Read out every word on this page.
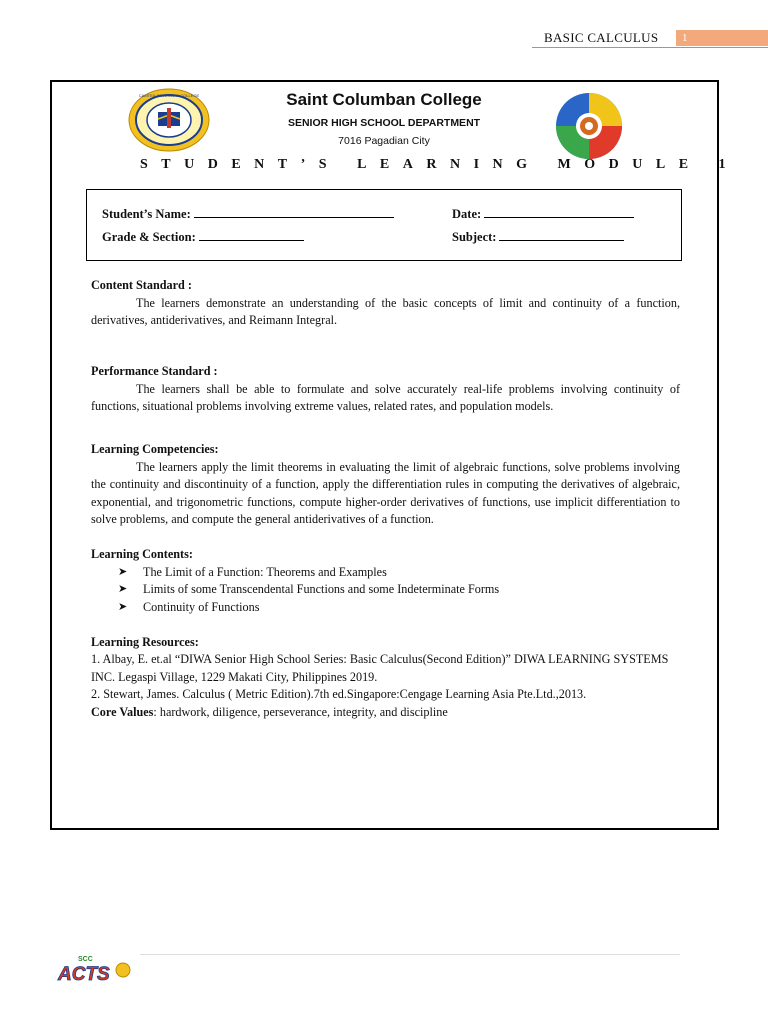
BASIC CALCULUS	1
CAMTEX COLUMBAN COLLEGE	Saint Columban College
SENIOR HIGH SCHOOL DEPARTMENT
7016 Pagadian City
STUDENT’S LEARNING MODULE 1
Student’s Name:	Date:
Grade & Section:	Subject:

Content Standard :

The learners demonstrate an understanding of the basic concepts of limit and continuity of a function, derivatives, antiderivatives, and Reimann Integral.

Performance Standard :

The learners shall be able to formulate and solve accurately real-life problems involving continuity of functions, situational problems involving extreme values, related rates, and population models.

Learning Competencies:

The learners apply the limit theorems in evaluating the limit of algebraic functions, solve problems involving the continuity and discontinuity of a function, apply the differentiation rules in computing the derivatives of algebraic, exponential, and trigonometric functions, compute higher-order derivatives of functions, use implicit differentiation to solve problems, and compute the general antiderivatives of a function.

Learning Contents:

➤ The Limit of a Function: Theorems and Examples
➤ Limits of some Transcendental Functions and some Indeterminate Forms
➤ Continuity of Functions

Learning Resources:

1. Albay, E. et.al “DIWA Senior High School Series: Basic Calculus(Second Edition)” DIWA LEARNING SYSTEMS INC. Legaspi Village, 1229 Makati City, Philippines 2019.

2. Stewart, James. Calculus ( Metric Edition).7th ed.Singapore:Cengage Learning Asia Pte.Ltd.,2013.

Core Values: hardwork, diligence, perseverance, integrity, and discipline

SCC
ACTS
